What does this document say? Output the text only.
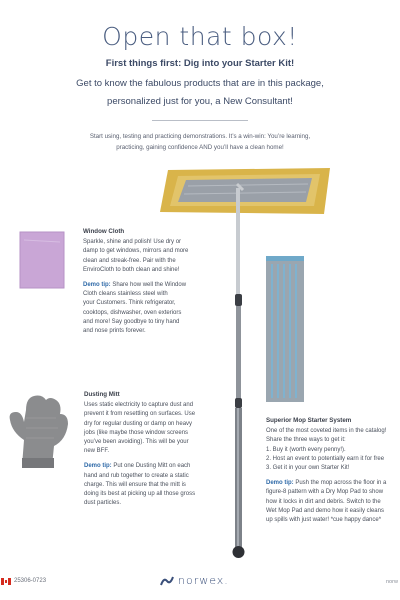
Open that box!
First things first: Dig into your Starter Kit!
Get to know the fabulous products that are in this package,
personalized just for you, a New Consultant!
Start using, testing and practicing demonstrations. It’s a win-win: You’re learning,
practicing, gaining confidence AND you’ll have a clean home!
Window Cloth

Sparkle, shine and polish! Use dry or
damp to get windows, mirrors and more
clean and streak-free. Pair with the
EnviroCloth to both clean and shine!

Demo tip: Share how well the Window
Cloth cleans stainless steel with
your Customers. Think refrigerator,
cooktops, dishwasher, oven exteriors
and more! Say goodbye to tiny hand
and nose prints forever.

Dusting Mitt

Uses static electricity to capture dust and
prevent it from resettling on surfaces. Use
dry for regular dusting or damp on heavy
jobs (like maybe those window screens
you’ve been avoiding). This will be your
new BFF.

Demo tip: Put one Dusting Mitt on each
hand and rub together to create a static
charge. This will ensure that the mitt is
doing its best at picking up all those gross
dust particles.

Superior Mop Starter System

One of the most coveted items in the catalog!
Share the three ways to get it:
1. Buy it (worth every penny!).
2. Host an event to potentially earn it for free
3. Get it in your own Starter Kit!

Demo tip: Push the mop across the floor in a
figure-8 pattern with a Dry Mop Pad to show
how it locks in dirt and debris. Switch to the
Wet Mop Pad and demo how it easily cleans
up spills with just water! *cue happy dance*

25306-0723	norwex.	norw
